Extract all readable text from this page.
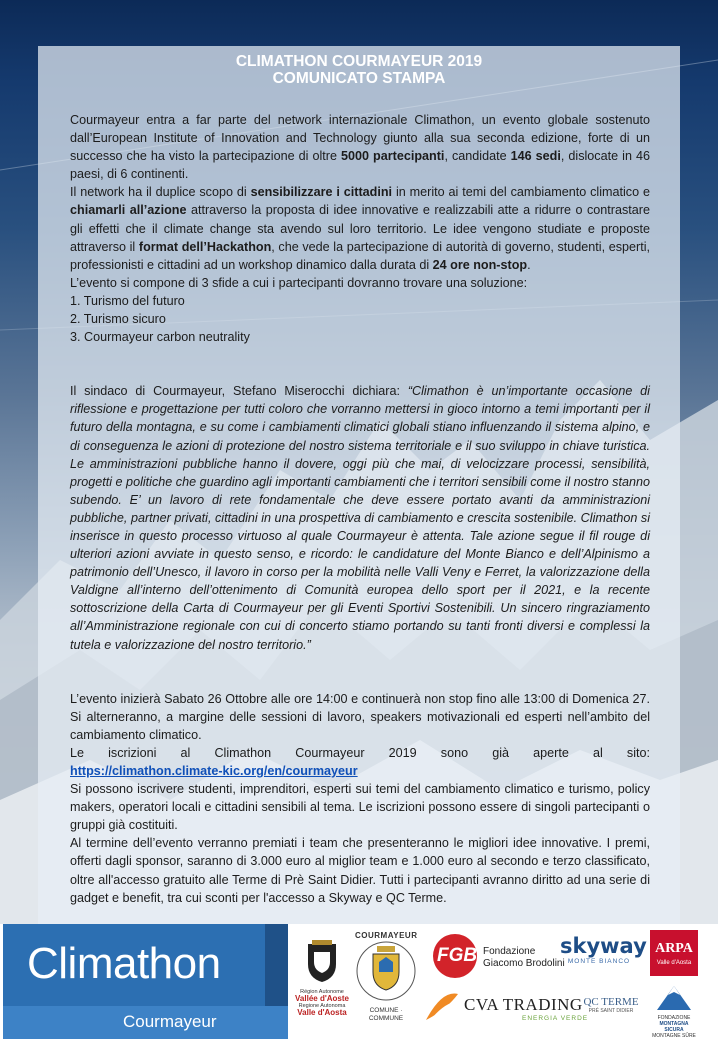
CLIMATHON COURMAYEUR 2019
COMUNICATO STAMPA

Courmayeur entra a far parte del network internazionale Climathon, un evento globale sostenuto dall’European Institute of Innovation and Technology giunto alla sua seconda edizione, forte di un successo che ha visto la partecipazione di oltre 5000 partecipanti, candidate 146 sedi, dislocate in 46 paesi, di 6 continenti.

Il network ha il duplice scopo di sensibilizzare i cittadini in merito ai temi del cambiamento climatico e chiamarli all’azione attraverso la proposta di idee innovative e realizzabili atte a ridurre o contrastare gli effetti che il climate change sta avendo sul loro territorio. Le idee vengono studiate e proposte attraverso il format dell’Hackathon, che vede la partecipazione di autorità di governo, studenti, esperti, professionisti e cittadini ad un workshop dinamico dalla durata di 24 ore non-stop.

L’evento si compone di 3 sfide a cui i partecipanti dovranno trovare una soluzione:

1. Turismo del futuro

2. Turismo sicuro

3. Courmayeur carbon neutrality

Il sindaco di Courmayeur, Stefano Miserocchi dichiara: “Climathon è un’importante occasione di riflessione e progettazione per tutti coloro che vorranno mettersi in gioco intorno a temi importanti per il futuro della montagna, e su come i cambiamenti climatici globali stiano influenzando il sistema alpino, e di conseguenza le azioni di protezione del nostro sistema territoriale e il suo sviluppo in chiave turistica. Le amministrazioni pubbliche hanno il dovere, oggi più che mai, di velocizzare processi, sensibilità, progetti e politiche che guardino agli importanti cambiamenti che i territori sensibili come il nostro stanno subendo. E’ un lavoro di rete fondamentale che deve essere portato avanti da amministrazioni pubbliche, partner privati, cittadini in una prospettiva di cambiamento e crescita sostenibile. Climathon si inserisce in questo processo virtuoso al quale Courmayeur è attenta. Tale azione segue il fil rouge di ulteriori azioni avviate in questo senso, e ricordo: le candidature del Monte Bianco e dell’Alpinismo a patrimonio dell’Unesco, il lavoro in corso per la mobilità nelle Valli Veny e Ferret, la valorizzazione della Valdigne all’interno dell’ottenimento di Comunità europea dello sport per il 2021, e la recente sottoscrizione della Carta di Courmayeur per gli Eventi Sportivi Sostenibili. Un sincero ringraziamento all’Amministrazione regionale con cui di concerto stiamo portando su tanti fronti diversi e complessi la tutela e valorizzazione del nostro territorio.”

L’evento inizierà Sabato 26 Ottobre alle ore 14:00 e continuerà non stop fino alle 13:00 di Domenica 27. Si alterneranno, a margine delle sessioni di lavoro, speakers motivazionali ed esperti nell’ambito del cambiamento climatico.

Le iscrizioni al Climathon Courmayeur 2019 sono già aperte al sito:

https://climathon.climate-kic.org/en/courmayeur

Si possono iscrivere studenti, imprenditori, esperti sui temi del cambiamento climatico e turismo, policy makers, operatori locali e cittadini sensibili al tema. Le iscrizioni possono essere di singoli partecipanti o gruppi già costituiti.

Al termine dell’evento verranno premiati i team che presenteranno le migliori idee innovative. I premi, offerti dagli sponsor, saranno di 3.000 euro al miglior team e 1.000 euro al secondo e terzo classificato, oltre all'accesso gratuito alle Terme di Prè Saint Didier. Tutti i partecipanti avranno diritto ad una serie di gadget e benefit, tra cui sconti per l'accesso a Skyway e QC Terme.

Climathon
Courmayeur
Région Autonome
Vallée d'Aoste
Regione Autonoma
Valle d'Aosta
COURMAYEUR
COMUNE · COMMUNE
FGB Fondazione
Giacomo Brodolini
skyway
MONTE BIANCO
ARPA
Valle d'Aosta
CVA TRADING
ENERGIA VERDE
QC TERME
PRÉ SAINT DIDIER
FONDAZIONE
MONTAGNA SICURA
MONTAGNE SÛRE
